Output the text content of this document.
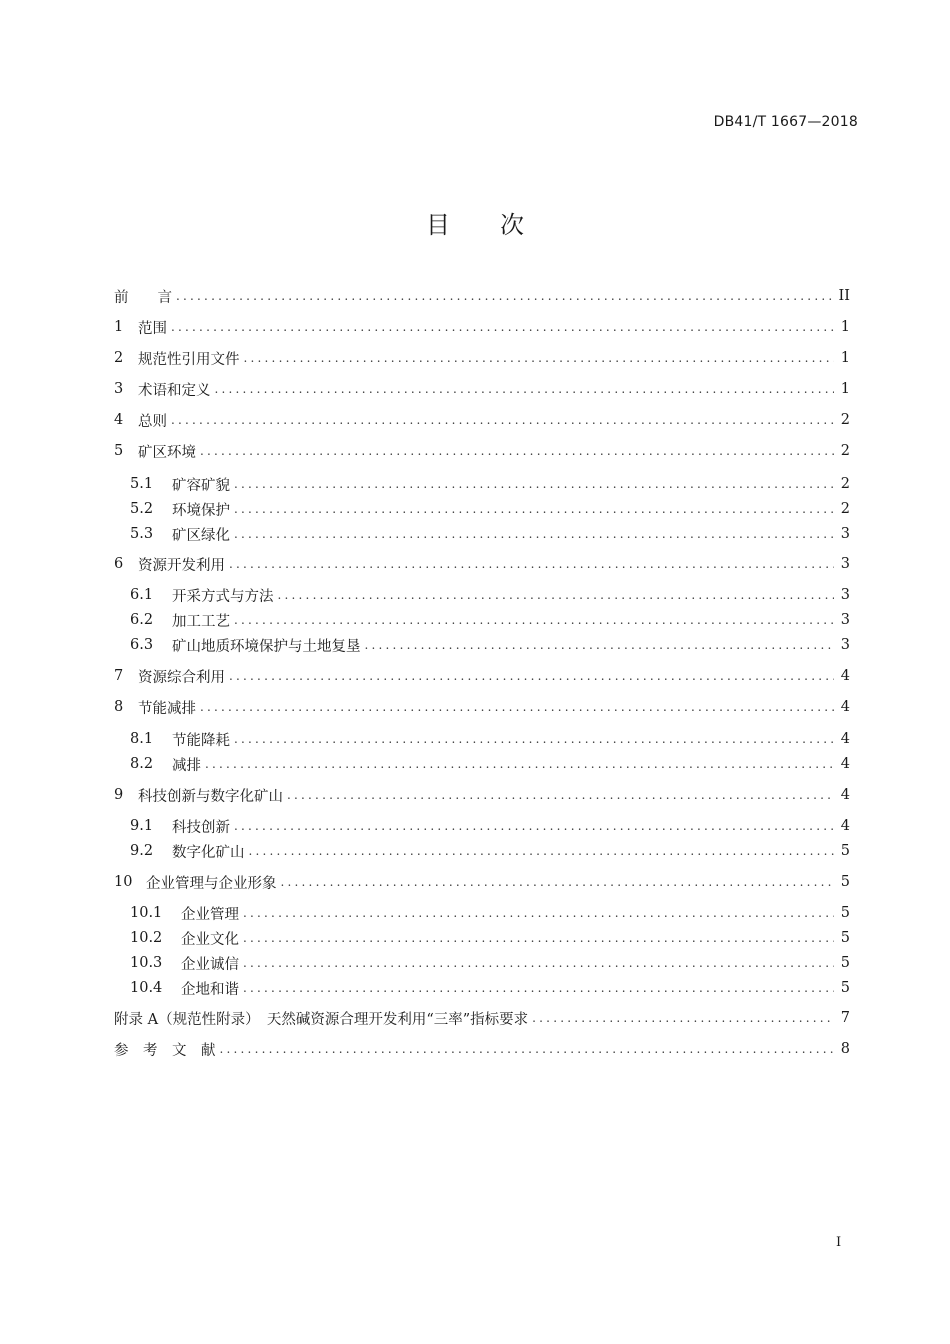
DB41/T 1667—2018
目 次
前　　言 .....	II
1	范围 .....	1
2	规范性引用文件 .....	1
3	术语和定义 .....	1
4	总则 .....	2
5	矿区环境 .....	2
5.1	矿容矿貌 .....	2
5.2	环境保护 .....	2
5.3	矿区绿化 .....	3
6	资源开发利用 .....	3
6.1	开采方式与方法 .....	3
6.2	加工工艺 .....	3
6.3	矿山地质环境保护与土地复垦 .....	3
7	资源综合利用 .....	4
8	节能减排 .....	4
8.1	节能降耗 .....	4
8.2	减排 .....	4
9	科技创新与数字化矿山 .....	4
9.1	科技创新 .....	4
9.2	数字化矿山 .....	5
10 企业管理与企业形象 .....	5
10.1	企业管理 .....	5
10.2	企业文化 .....	5
10.3	企业诚信 .....	5
10.4	企地和谐 .....	5
附录 A（规范性附录）　天然碱资源合理开发利用“三率”指标要求 .....	7
参　考　文　献 .....	8
I
